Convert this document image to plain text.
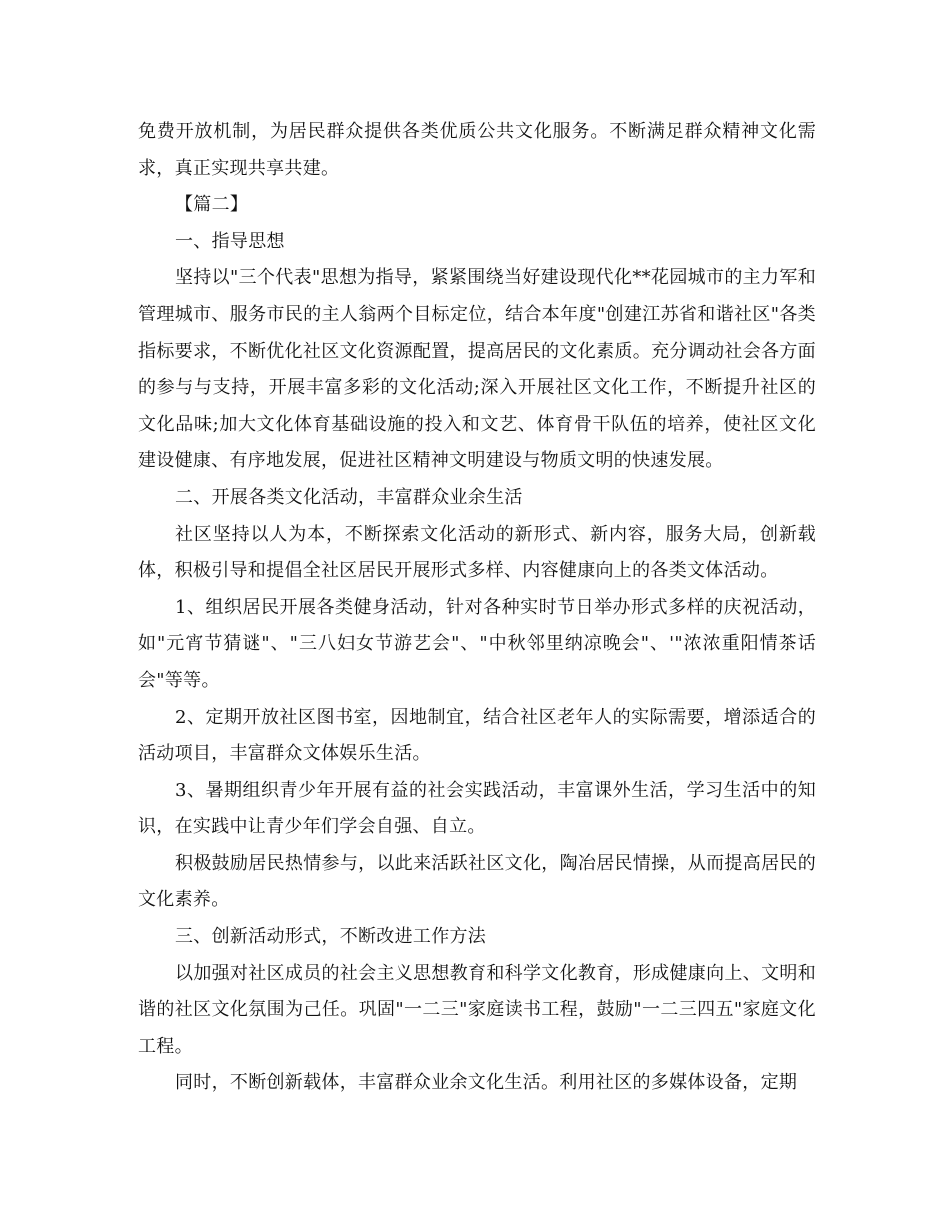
免费开放机制，为居民群众提供各类优质公共文化服务。不断满足群众精神文化需求，真正实现共享共建。

【篇二】

一、指导思想

坚持以"三个代表"思想为指导，紧紧围绕当好建设现代化**花园城市的主力军和管理城市、服务市民的主人翁两个目标定位，结合本年度"创建江苏省和谐社区"各类指标要求，不断优化社区文化资源配置，提高居民的文化素质。充分调动社会各方面的参与与支持，开展丰富多彩的文化活动;深入开展社区文化工作，不断提升社区的文化品味;加大文化体育基础设施的投入和文艺、体育骨干队伍的培养，使社区文化建设健康、有序地发展，促进社区精神文明建设与物质文明的快速发展。

二、开展各类文化活动，丰富群众业余生活

社区坚持以人为本，不断探索文化活动的新形式、新内容，服务大局，创新载体，积极引导和提倡全社区居民开展形式多样、内容健康向上的各类文体活动。

1、组织居民开展各类健身活动，针对各种实时节日举办形式多样的庆祝活动，如"元宵节猜谜"、"三八妇女节游艺会"、"中秋邻里纳凉晚会"、'"浓浓重阳情茶话会"等等。

2、定期开放社区图书室，因地制宜，结合社区老年人的实际需要，增添适合的活动项目，丰富群众文体娱乐生活。

3、暑期组织青少年开展有益的社会实践活动，丰富课外生活，学习生活中的知识，在实践中让青少年们学会自强、自立。

积极鼓励居民热情参与，以此来活跃社区文化，陶冶居民情操，从而提高居民的文化素养。

三、创新活动形式，不断改进工作方法

以加强对社区成员的社会主义思想教育和科学文化教育，形成健康向上、文明和谐的社区文化氛围为己任。巩固"一二三"家庭读书工程，鼓励"一二三四五"家庭文化工程。

同时，不断创新载体，丰富群众业余文化生活。利用社区的多媒体设备，定期
